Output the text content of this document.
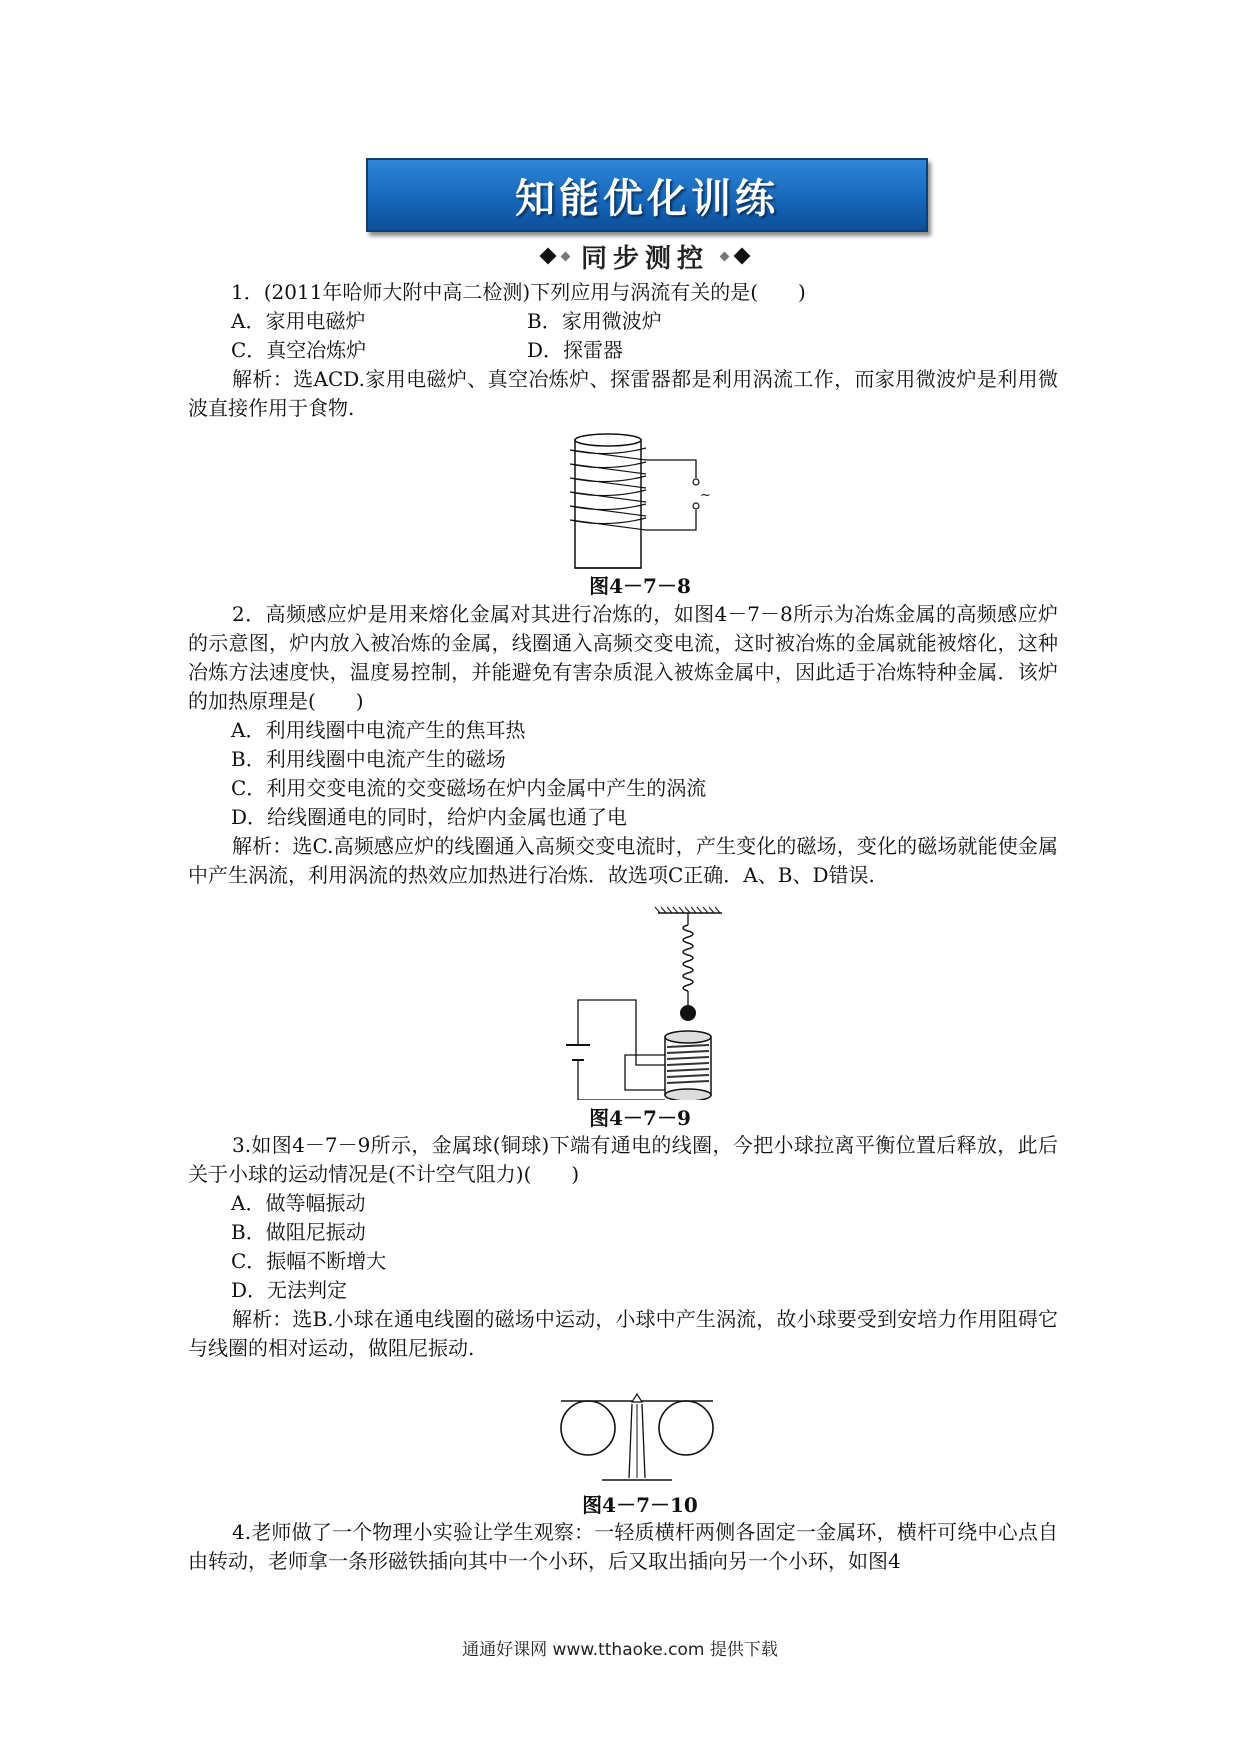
知能优化训练
同步测控
1．(2011年哈师大附中高二检测)下列应用与涡流有关的是(　　)
A．家用电磁炉	B．家用微波炉
C．真空冶炼炉	D．探雷器
解析：选ACD.家用电磁炉、真空冶炼炉、探雷器都是利用涡流工作，而家用微波炉是利用微波直接作用于食物.
~
图4－7－8
2．高频感应炉是用来熔化金属对其进行冶炼的，如图4－7－8所示为冶炼金属的高频感应炉的示意图，炉内放入被冶炼的金属，线圈通入高频交变电流，这时被冶炼的金属就能被熔化，这种冶炼方法速度快，温度易控制，并能避免有害杂质混入被炼金属中，因此适于冶炼特种金属．该炉的加热原理是(　　)
A．利用线圈中电流产生的焦耳热
B．利用线圈中电流产生的磁场
C．利用交变电流的交变磁场在炉内金属中产生的涡流
D．给线圈通电的同时，给炉内金属也通了电
解析：选C.高频感应炉的线圈通入高频交变电流时，产生变化的磁场，变化的磁场就能使金属中产生涡流，利用涡流的热效应加热进行冶炼．故选项C正确．A、B、D错误.
图4－7－9
3.如图4－7－9所示，金属球(铜球)下端有通电的线圈，今把小球拉离平衡位置后释放，此后关于小球的运动情况是(不计空气阻力)(　　)
A．做等幅振动
B．做阻尼振动
C．振幅不断增大
D．无法判定
解析：选B.小球在通电线圈的磁场中运动，小球中产生涡流，故小球要受到安培力作用阻碍它与线圈的相对运动，做阻尼振动.
图4－7－10
4.老师做了一个物理小实验让学生观察：一轻质横杆两侧各固定一金属环，横杆可绕中心点自由转动，老师拿一条形磁铁插向其中一个小环，后又取出插向另一个小环，如图4
通通好课网 www.tthaoke.com 提供下载
